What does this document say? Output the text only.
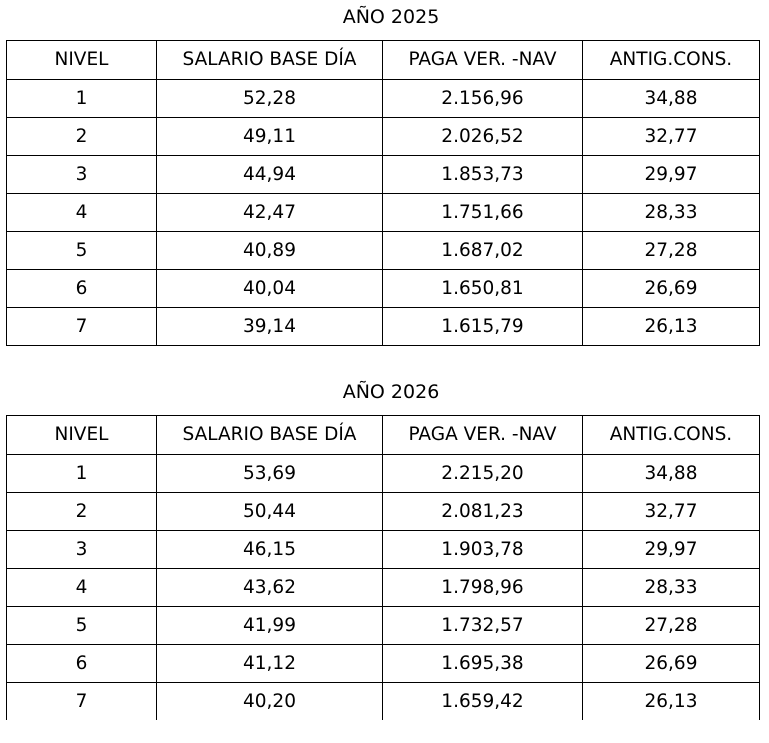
AÑO 2025
NIVEL	SALARIO BASE DÍA	PAGA VER. -NAV	ANTIG.CONS.
1	52,28	2.156,96	34,88
2	49,11	2.026,52	32,77
3	44,94	1.853,73	29,97
4	42,47	1.751,66	28,33
5	40,89	1.687,02	27,28
6	40,04	1.650,81	26,69
7	39,14	1.615,79	26,13
AÑO 2026
NIVEL	SALARIO BASE DÍA	PAGA VER. -NAV	ANTIG.CONS.
1	53,69	2.215,20	34,88
2	50,44	2.081,23	32,77
3	46,15	1.903,78	29,97
4	43,62	1.798,96	28,33
5	41,99	1.732,57	27,28
6	41,12	1.695,38	26,69
7	40,20	1.659,42	26,13
